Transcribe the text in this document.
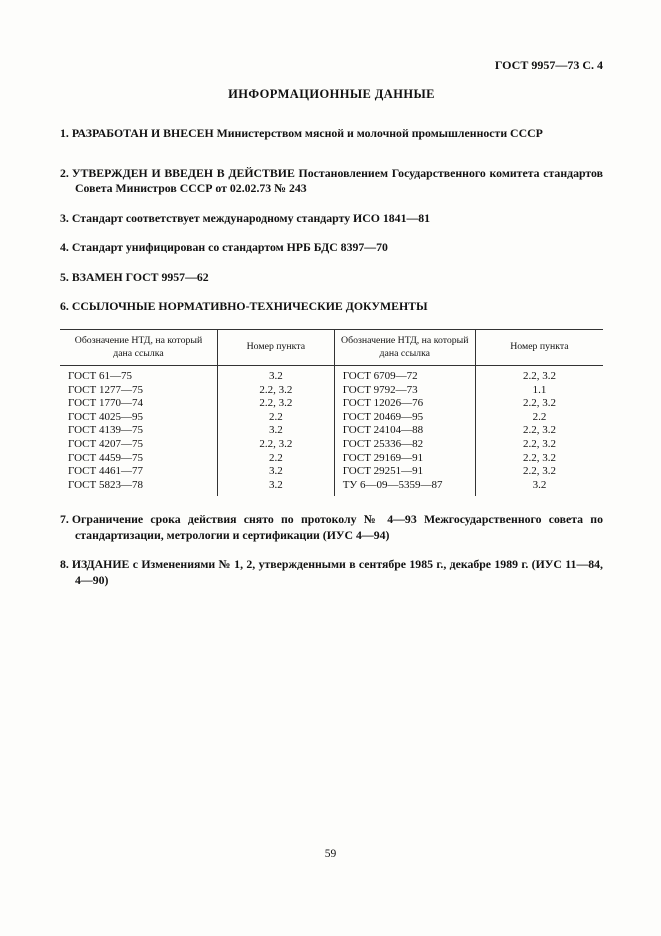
ГОСТ 9957—73 С. 4
ИНФОРМАЦИОННЫЕ ДАННЫЕ
1. РАЗРАБОТАН И ВНЕСЕН Министерством мясной и молочной промышленности СССР
2. УТВЕРЖДЕН И ВВЕДЕН В ДЕЙСТВИЕ Постановлением Государственного комитета стандартов Совета Министров СССР от 02.02.73 № 243
3. Стандарт соответствует международному стандарту ИСО 1841—81
4. Стандарт унифицирован со стандартом НРБ БДС 8397—70
5. ВЗАМЕН ГОСТ 9957—62
6. ССЫЛОЧНЫЕ НОРМАТИВНО-ТЕХНИЧЕСКИЕ ДОКУМЕНТЫ
Обозначение НТД, на который дана ссылка	Номер пункта	Обозначение НТД, на который дана ссылка	Номер пункта
ГОСТ 61—75	3.2	ГОСТ 6709—72	2.2, 3.2
ГОСТ 1277—75	2.2, 3.2	ГОСТ 9792—73	1.1
ГОСТ 1770—74	2.2, 3.2	ГОСТ 12026—76	2.2, 3.2
ГОСТ 4025—95	2.2	ГОСТ 20469—95	2.2
ГОСТ 4139—75	3.2	ГОСТ 24104—88	2.2, 3.2
ГОСТ 4207—75	2.2, 3.2	ГОСТ 25336—82	2.2, 3.2
ГОСТ 4459—75	2.2	ГОСТ 29169—91	2.2, 3.2
ГОСТ 4461—77	3.2	ГОСТ 29251—91	2.2, 3.2
ГОСТ 5823—78	3.2	ТУ 6—09—5359—87	3.2
7. Ограничение срока действия снято по протоколу № 4—93 Межгосударственного совета по стандартизации, метрологии и сертификации (ИУС 4—94)
8. ИЗДАНИЕ с Изменениями № 1, 2, утвержденными в сентябре 1985 г., декабре 1989 г. (ИУС 11—84, 4—90)
59
